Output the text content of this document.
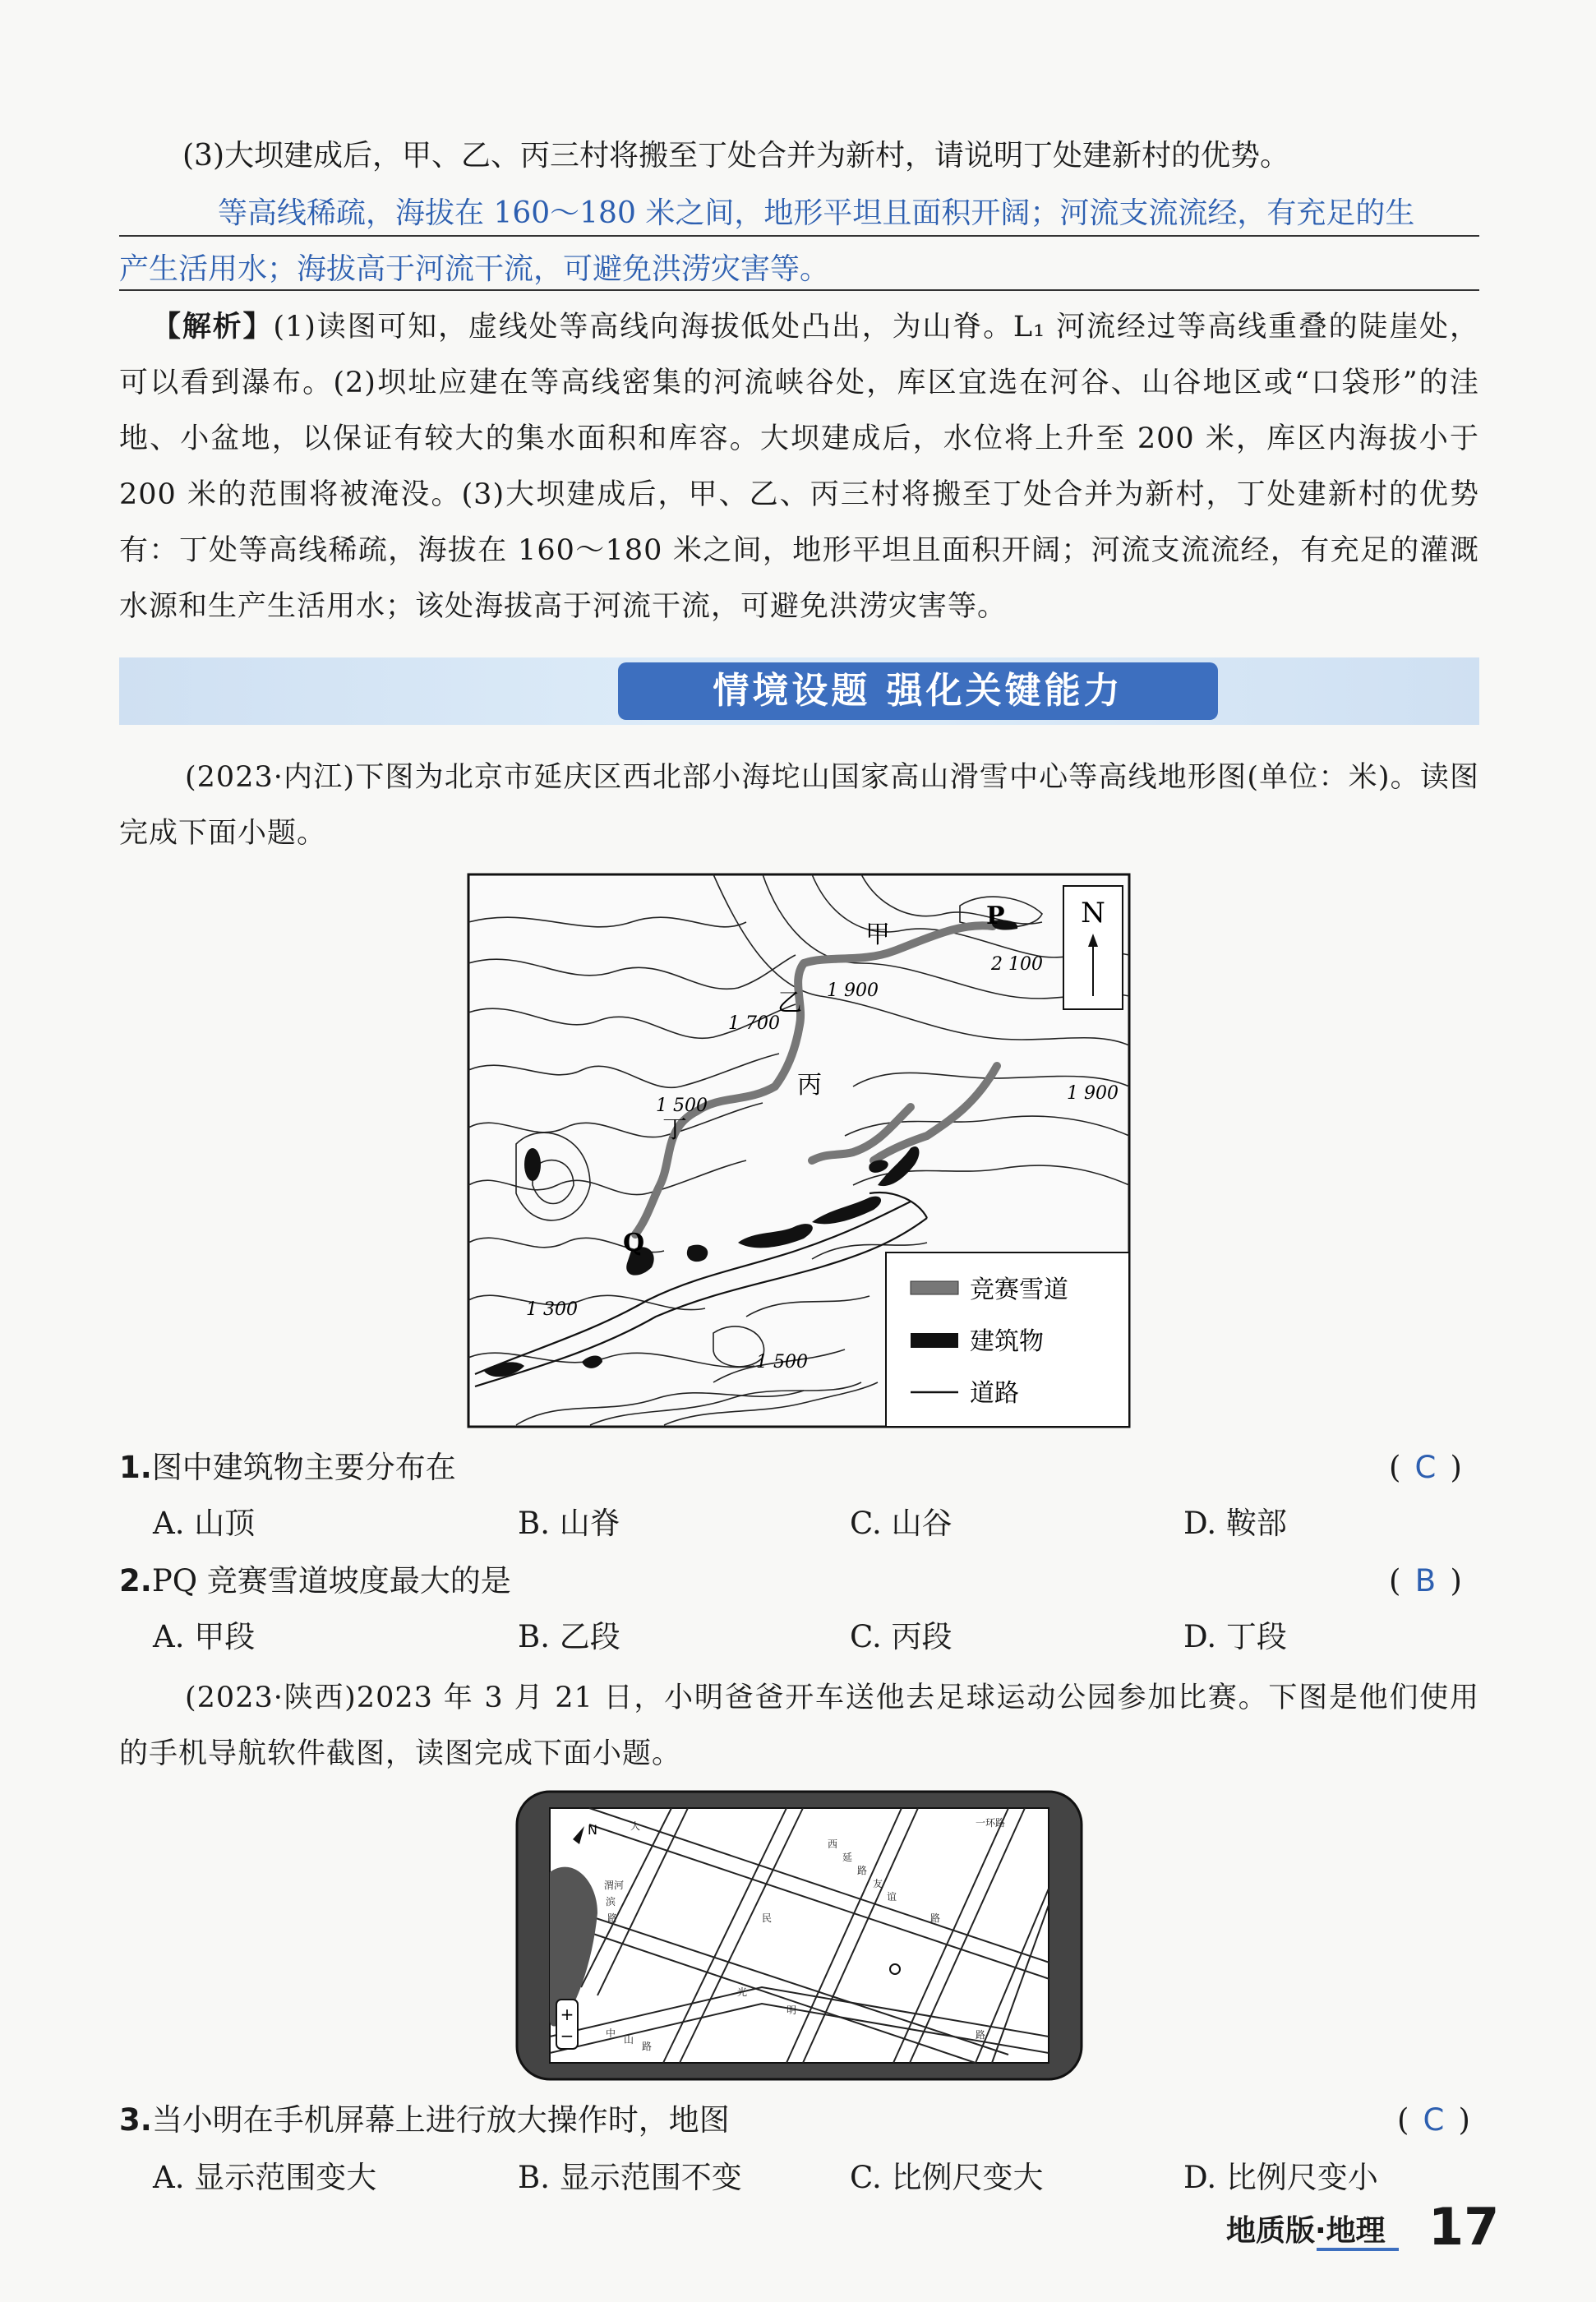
(3)大坝建成后，甲、乙、丙三村将搬至丁处合并为新村，请说明丁处建新村的优势。
等高线稀疏，海拔在 160～180 米之间，地形平坦且面积开阔；河流支流流经，有充足的生
产生活用水；海拔高于河流干流，可避免洪涝灾害等。
【解析】(1)读图可知，虚线处等高线向海拔低处凸出，为山脊。L₁ 河流经过等高线重叠的陡崖处，可以看到瀑布。(2)坝址应建在等高线密集的河流峡谷处，库区宜选在河谷、山谷地区或“口袋形”的洼地、小盆地，以保证有较大的集水面积和库容。大坝建成后，水位将上升至 200 米，库区内海拔小于 200 米的范围将被淹没。(3)大坝建成后，甲、乙、丙三村将搬至丁处合并为新村，丁处建新村的优势有：丁处等高线稀疏，海拔在 160～180 米之间，地形平坦且面积开阔；河流支流流经，有充足的灌溉水源和生产生活用水；该处海拔高于河流干流，可避免洪涝灾害等。
情境设题 强化关键能力
(2023·内江)下图为北京市延庆区西北部小海坨山国家高山滑雪中心等高线地形图(单位：米)。读图完成下面小题。
N
竞赛雪道
建筑物
道路
甲
乙
丙
丁
P
Q
2 100
1 900
1 700
1 500
1 900
1 300
1 500
1.图中建筑物主要分布在	( C )
A. 山顶	B. 山脊	C. 山谷	D. 鞍部
2.PQ 竞赛雪道坡度最大的是	( B )
A. 甲段	B. 乙段	C. 丙段	D. 丁段
(2023·陕西)2023 年 3 月 21 日，小明爸爸开车送他去足球运动公园参加比赛。下图是他们使用的手机导航软件截图，读图完成下面小题。
N
+
−
人	一环路
西
延
路
民
友
谊
路
光
明
路
中
山
路
渭河
滨
路
3.当小明在手机屏幕上进行放大操作时，地图	( C )
A. 显示范围变大	B. 显示范围不变	C. 比例尺变大	D. 比例尺变小
地质版·地理 17
